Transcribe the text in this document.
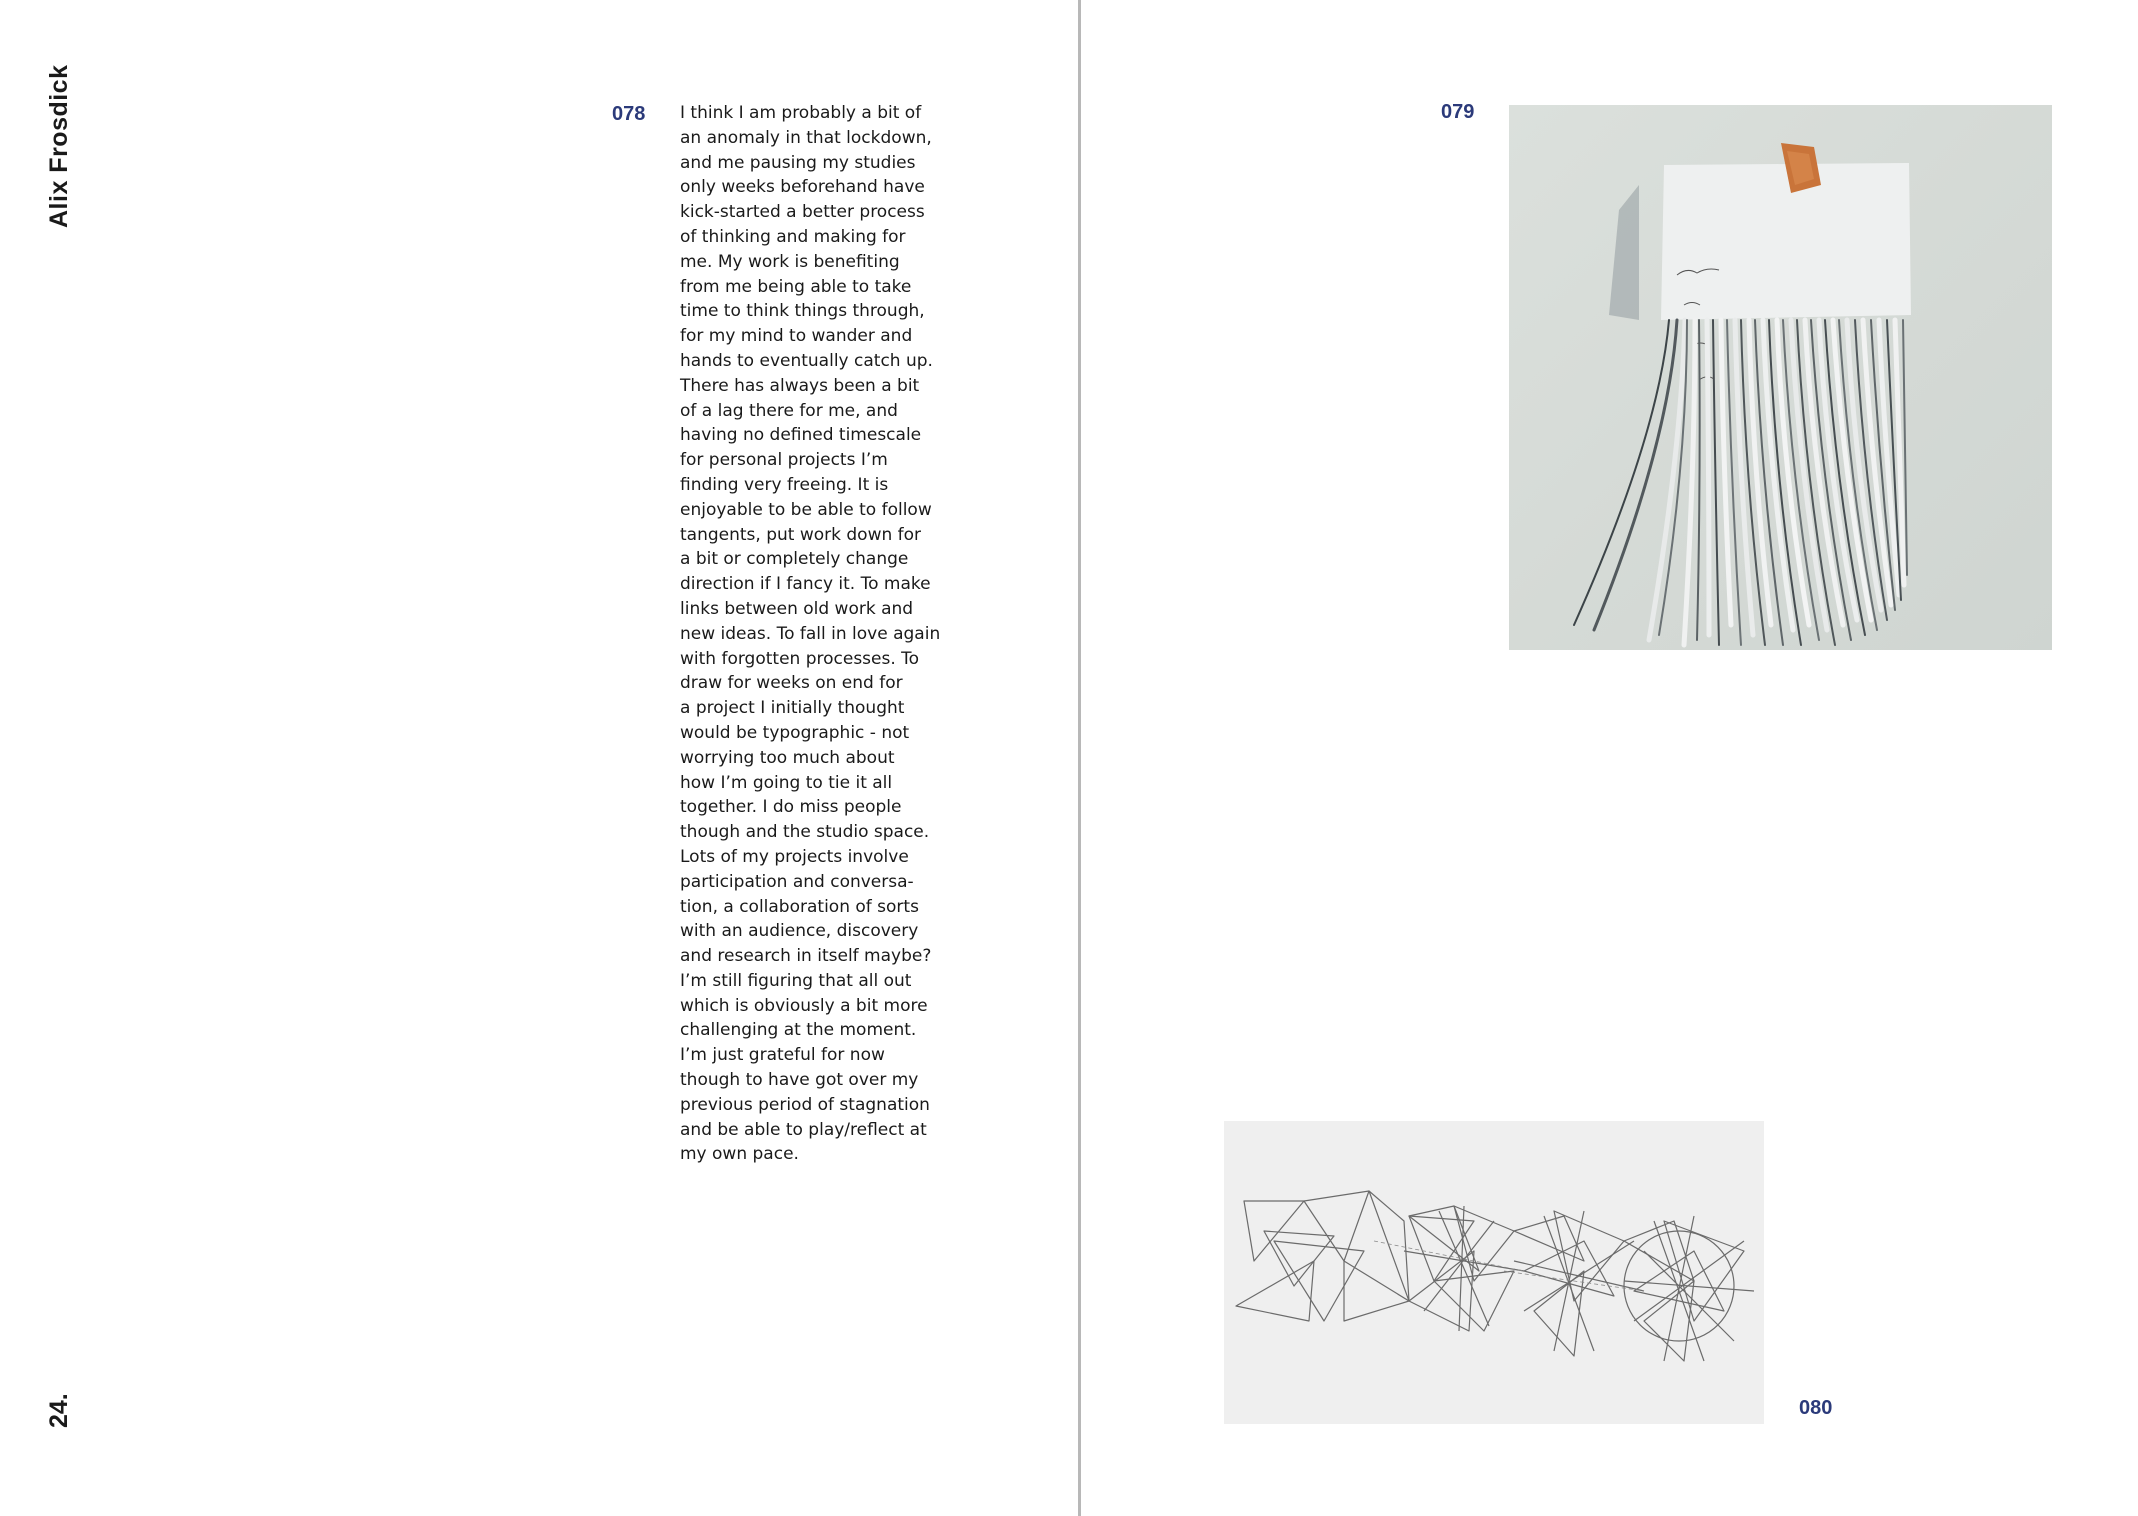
Alix Frosdick
24.
078	079
080
I think I am probably a bit of
an anomaly in that lockdown,
and me pausing my studies
only weeks beforehand have
kick-started a better process
of thinking and making for
me. My work is benefiting
from me being able to take
time to think things through,
for my mind to wander and
hands to eventually catch up.
There has always been a bit
of a lag there for me, and
having no defined timescale
for personal projects I’m
finding very freeing. It is
enjoyable to be able to follow
tangents, put work down for
a bit or completely change
direction if I fancy it. To make
links between old work and
new ideas. To fall in love again
with forgotten processes. To
draw for weeks on end for
a project I initially thought
would be typographic - not
worrying too much about
how I’m going to tie it all
together. I do miss people
though and the studio space.
Lots of my projects involve
participation and conversa-
tion, a collaboration of sorts
with an audience, discovery
and research in itself maybe?
I’m still figuring that all out
which is obviously a bit more
challenging at the moment.
I’m just grateful for now
though to have got over my
previous period of stagnation
and be able to play/reflect at
my own pace.
